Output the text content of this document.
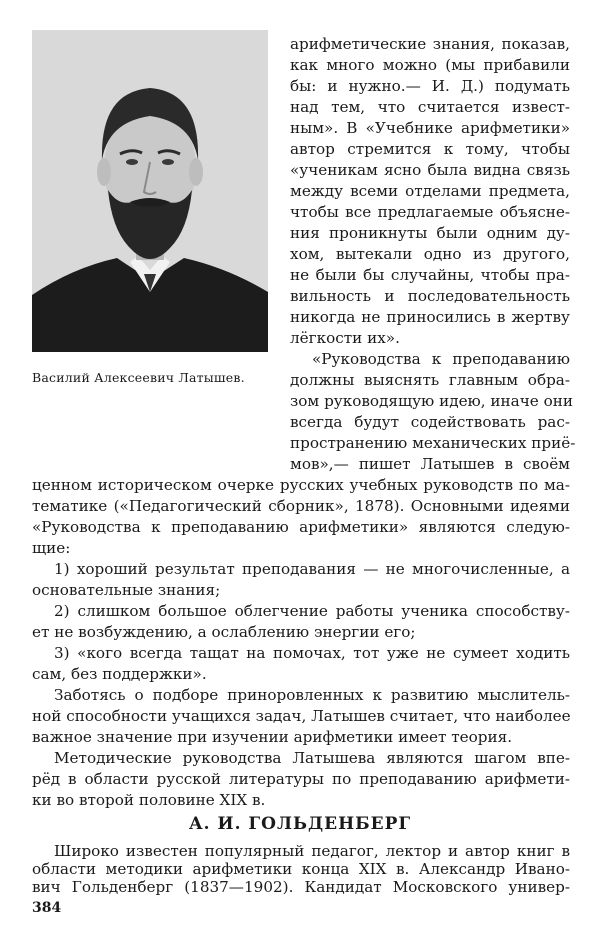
Василий Алексеевич Латышев.
арифметические знания, показав,
как много можно (мы прибавили
бы: и нужно.— И. Д.) подумать
над тем, что считается извест-
ным». В «Учебнике арифметики»
автор стремится к тому, чтобы
«ученикам ясно была видна связь
между всеми отделами предмета,
чтобы все предлагаемые объясне-
ния проникнуты были одним ду-
хом, вытекали одно из другого,
не были бы случайны, чтобы пра-
вильность и последовательность
никогда не приносились в жертву
лёгкости их».
«Руководства к преподаванию
должны выяснять главным обра-
зом руководящую идею, иначе они
всегда будут содействовать рас-
пространению механических приё-
мов»,— пишет Латышев в своём
ценном историческом очерке русских учебных руководств по ма-
тематике («Педагогический сборник», 1878). Основными идеями
«Руководства к преподаванию арифметики» являются следую-
щие:
1) хороший результат преподавания — не многочисленные, а
основательные знания;
2) слишком большое облегчение работы ученика способству-
ет не возбуждению, а ослаблению энергии его;
3) «кого всегда тащат на помочах, тот уже не сумеет ходить
сам, без поддержки».
Заботясь о подборе приноровленных к развитию мыслитель-
ной способности учащихся задач, Латышев считает, что наиболее
важное значение при изучении арифметики имеет теория.
Методические руководства Латышева являются шагом впе-
рёд в области русской литературы по преподаванию арифмети-
ки во второй половине XIX в.
А. И. ГОЛЬДЕНБЕРГ
Широко известен популярный педагог, лектор и автор книг в
области методики арифметики конца XIX в. Александр Ивано-
вич Гольденберг (1837—1902). Кандидат Московского универ-
384
